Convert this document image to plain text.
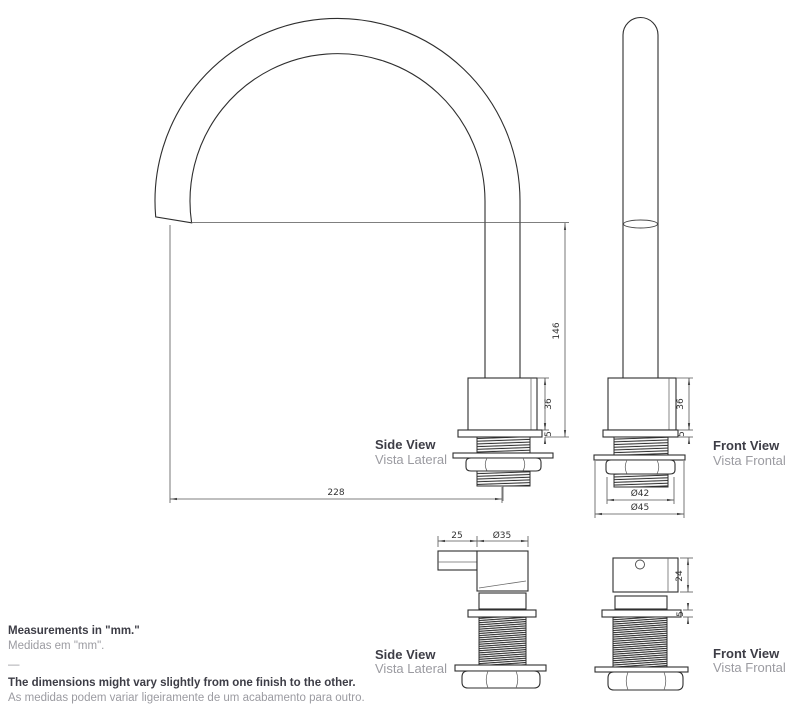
228
146
36
5
36
5
Ø42
Ø45
25	Ø35
24
5
Side View
Vista Lateral
Front View
Vista Frontal
Side View
Vista Lateral
Front View
Vista Frontal

Measurements in "mm."

Medidas em "mm".

—

The dimensions might vary slightly from one finish to the other.

As medidas podem variar ligeiramente de um acabamento para outro.
